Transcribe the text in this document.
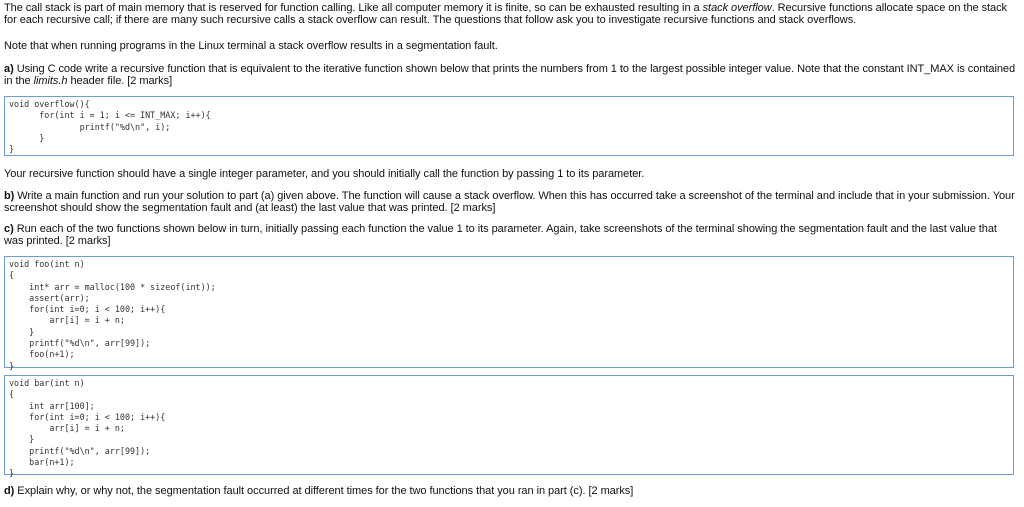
The call stack is part of main memory that is reserved for function calling. Like all computer memory it is finite, so can be exhausted resulting in a stack overflow. Recursive functions allocate space on the stack for each recursive call; if there are many such recursive calls a stack overflow can result. The questions that follow ask you to investigate recursive functions and stack overflows.
Note that when running programs in the Linux terminal a stack overflow results in a segmentation fault.
a) Using C code write a recursive function that is equivalent to the iterative function shown below that prints the numbers from 1 to the largest possible integer value. Note that the constant INT_MAX is contained in the limits.h header file. [2 marks]
void overflow(){
for(int i = 1; i <= INT_MAX; i++){
printf("%d\n", i);
}
}
Your recursive function should have a single integer parameter, and you should initially call the function by passing 1 to its parameter.
b) Write a main function and run your solution to part (a) given above. The function will cause a stack overflow. When this has occurred take a screenshot of the terminal and include that in your submission. Your screenshot should show the segmentation fault and (at least) the last value that was printed. [2 marks]
c) Run each of the two functions shown below in turn, initially passing each function the value 1 to its parameter. Again, take screenshots of the terminal showing the segmentation fault and the last value that was printed. [2 marks]
void foo(int n)
{
int* arr = malloc(100 * sizeof(int));
assert(arr);
for(int i=0; i < 100; i++){
arr[i] = i + n;
}
printf("%d\n", arr[99]);
foo(n+1);
}
void bar(int n)
{
int arr[100];
for(int i=0; i < 100; i++){
arr[i] = i + n;
}
printf("%d\n", arr[99]);
bar(n+1);
}
d) Explain why, or why not, the segmentation fault occurred at different times for the two functions that you ran in part (c). [2 marks]
